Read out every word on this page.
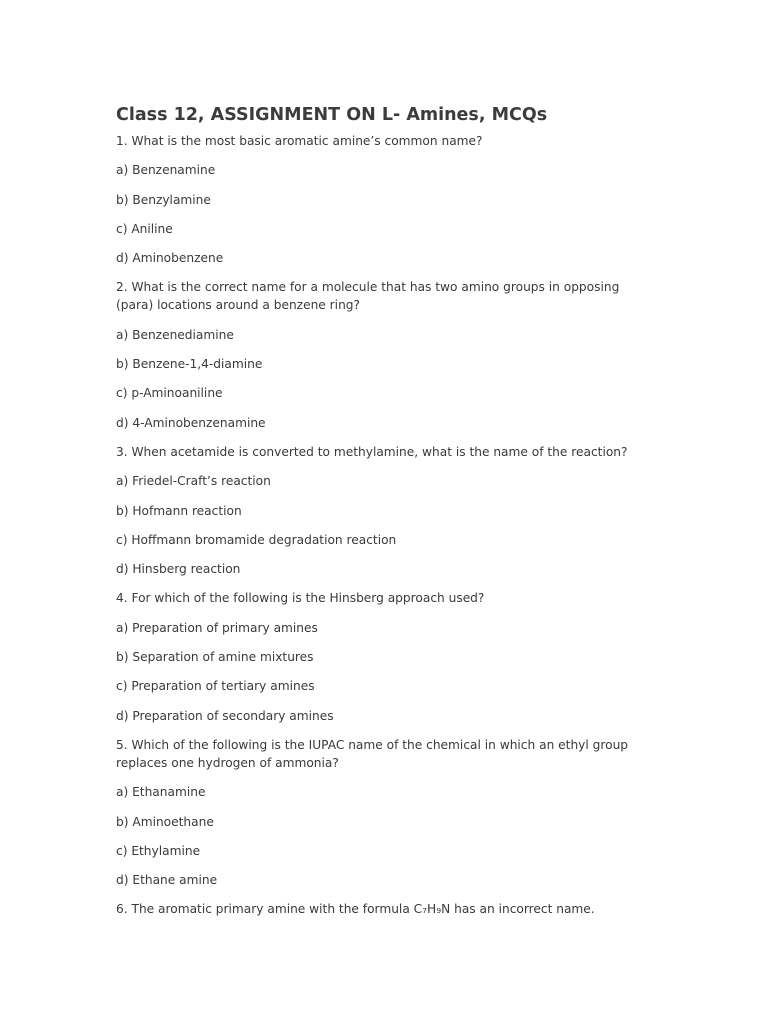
Class 12, ASSIGNMENT ON L- Amines, MCQs
1. What is the most basic aromatic amine’s common name?
a) Benzenamine
b) Benzylamine
c) Aniline
d) Aminobenzene
2. What is the correct name for a molecule that has two amino groups in opposing (para) locations around a benzene ring?
a) Benzenediamine
b) Benzene-1,4-diamine
c) p-Aminoaniline
d) 4-Aminobenzenamine
3. When acetamide is converted to methylamine, what is the name of the reaction?
a) Friedel-Craft’s reaction
b) Hofmann reaction
c) Hoffmann bromamide degradation reaction
d) Hinsberg reaction
4. For which of the following is the Hinsberg approach used?
a) Preparation of primary amines
b) Separation of amine mixtures
c) Preparation of tertiary amines
d) Preparation of secondary amines
5. Which of the following is the IUPAC name of the chemical in which an ethyl group replaces one hydrogen of ammonia?
a) Ethanamine
b) Aminoethane
c) Ethylamine
d) Ethane amine
6. The aromatic primary amine with the formula C₇H₉N has an incorrect name.
